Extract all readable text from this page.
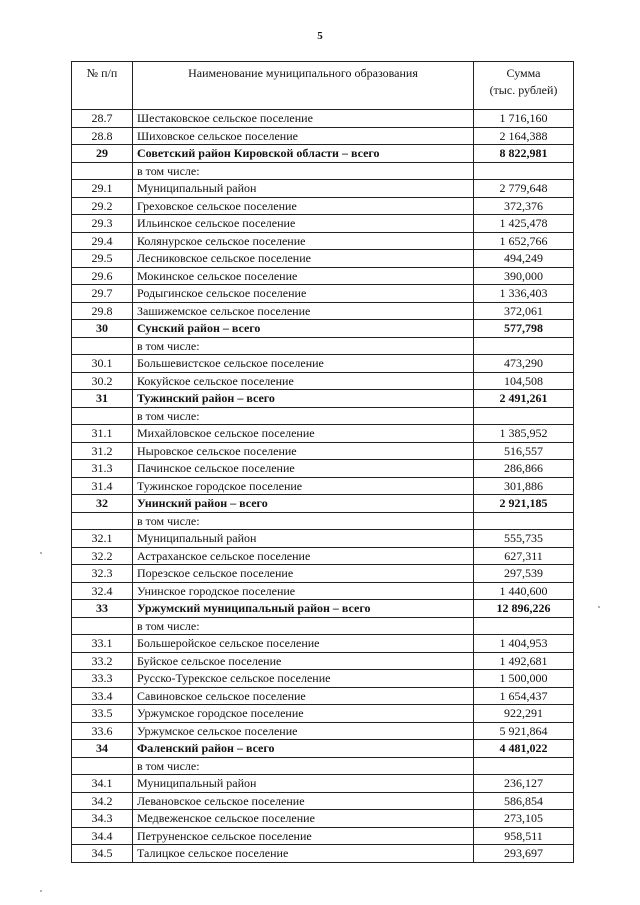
5
№ п/п	Наименование муниципального образования	Сумма
(тыс. рублей)

28.7	Шестаковское сельское поселение	1 716,160
28.8	Шиховское сельское поселение	2 164,388
29	Советский район Кировской области – всего	8 822,981
	в том числе:	
29.1	Муниципальный район	2 779,648
29.2	Греховское сельское поселение	372,376
29.3	Ильинское сельское поселение	1 425,478
29.4	Колянурское сельское поселение	1 652,766
29.5	Лесниковское сельское поселение	494,249
29.6	Мокинское сельское поселение	390,000
29.7	Родыгинское сельское поселение	1 336,403
29.8	Зашижемское сельское поселение	372,061
30	Сунский район – всего	577,798
	в том числе:	
30.1	Большевистское сельское поселение	473,290
30.2	Кокуйское сельское поселение	104,508
31	Тужинский район – всего	2 491,261
	в том числе:	
31.1	Михайловское сельское поселение	1 385,952
31.2	Ныровское сельское поселение	516,557
31.3	Пачинское сельское поселение	286,866
31.4	Тужинское городское поселение	301,886
32	Унинский район – всего	2 921,185
	в том числе:	
32.1	Муниципальный район	555,735
32.2	Астраханское сельское поселение	627,311
32.3	Порезское сельское поселение	297,539
32.4	Унинское городское поселение	1 440,600
33	Уржумский муниципальный район – всего	12 896,226
	в том числе:	
33.1	Большеройское сельское поселение	1 404,953
33.2	Буйское сельское поселение	1 492,681
33.3	Русско-Турекское сельское поселение	1 500,000
33.4	Савиновское сельское поселение	1 654,437
33.5	Уржумское городское поселение	922,291
33.6	Уржумское сельское поселение	5 921,864
34	Фаленский район – всего	4 481,022
	в том числе:	
34.1	Муниципальный район	236,127
34.2	Левановское сельское поселение	586,854
34.3	Медвеженское сельское поселение	273,105
34.4	Петруненское сельское поселение	958,511
34.5	Талицкое сельское поселение	293,697
